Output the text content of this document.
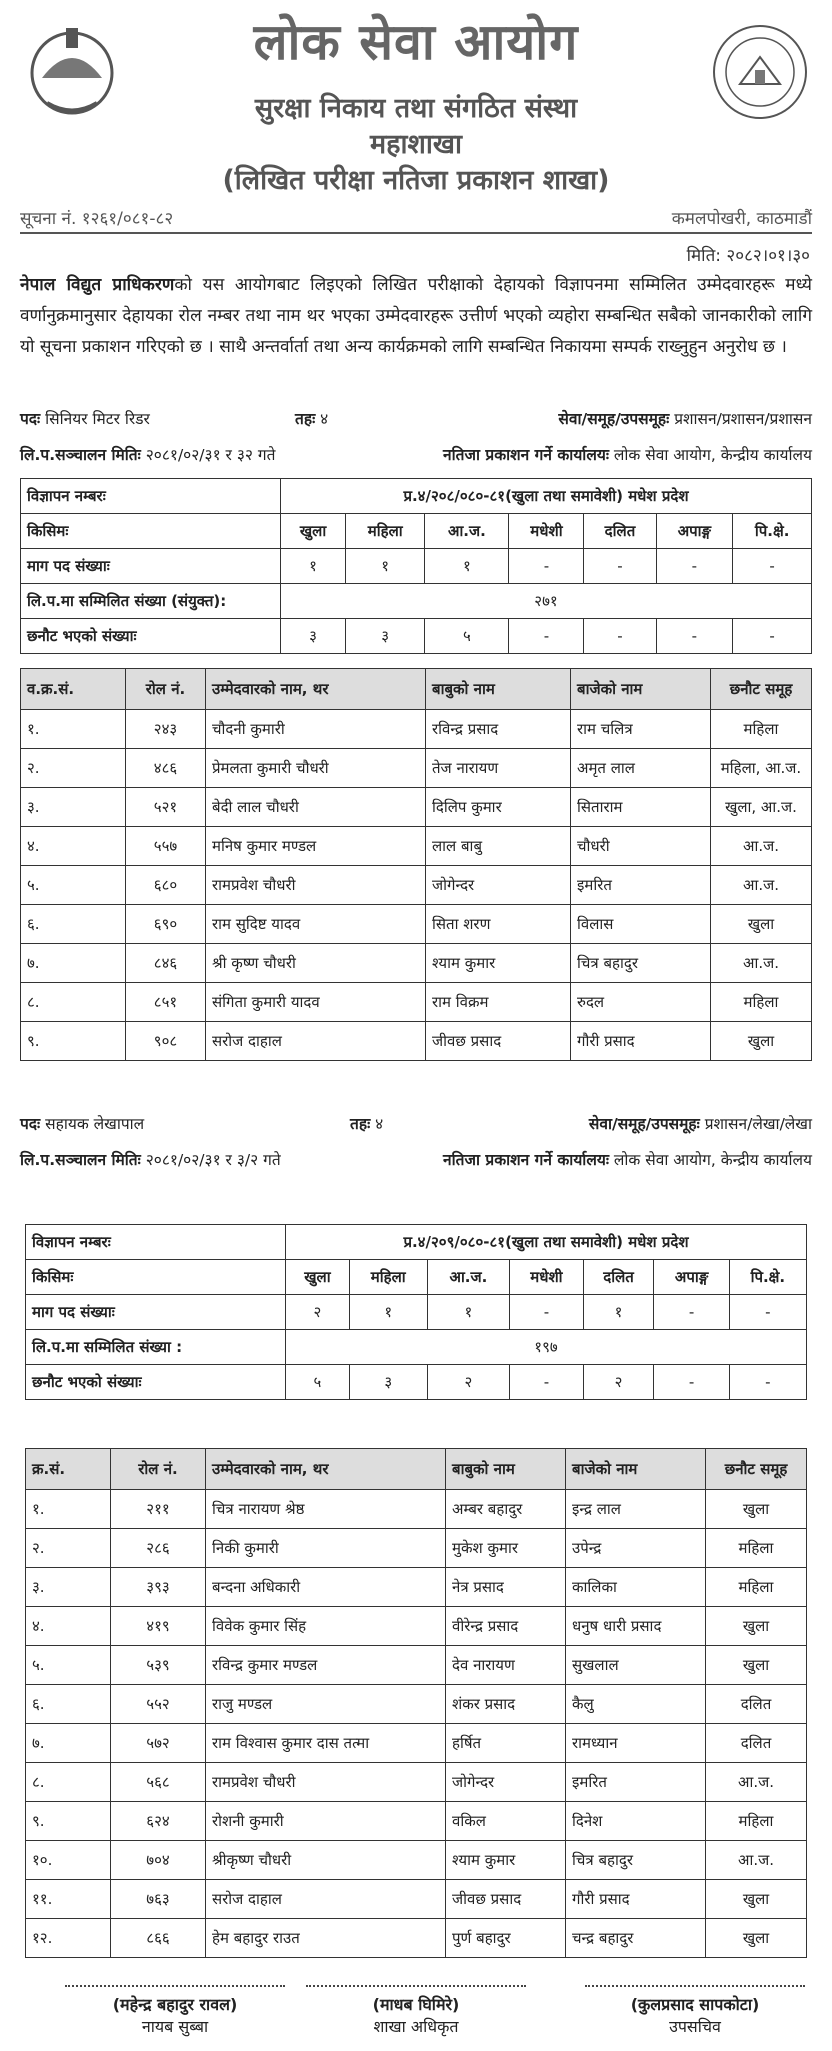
लोक सेवा आयोग
सुरक्षा निकाय तथा संगठित संस्था
महाशाखा
(लिखित परीक्षा नतिजा प्रकाशन शाखा)
सूचना नं. १२६१/०८१-८२	कमलपोखरी, काठमाडौं
मिति: २०८२।०१।३०
नेपाल विद्युत प्राधिकरणको यस आयोगबाट लिइएको लिखित परीक्षाको देहायको विज्ञापनमा सम्मिलित उम्मेदवारहरू मध्ये वर्णानुक्रमानुसार देहायका रोल नम्बर तथा नाम थर भएका उम्मेदवारहरू उत्तीर्ण भएको व्यहोरा सम्बन्धित सबैको जानकारीको लागि यो सूचना प्रकाशन गरिएको छ । साथै अन्तर्वार्ता तथा अन्य कार्यक्रमको लागि सम्बन्धित निकायमा सम्पर्क राख्नुहुन अनुरोध छ ।
पदः सिनियर मिटर रिडर	तहः ४	सेवा/समूह/उपसमूहः प्रशासन/प्रशासन/प्रशासन
लि.प.सञ्चालन मितिः २०८१/०२/३१ र ३२ गते	नतिजा प्रकाशन गर्ने कार्यालयः लोक सेवा आयोग, केन्द्रीय कार्यालय
विज्ञापन नम्बरः	प्र.४/२०८/०८०-८१(खुला तथा समावेशी) मधेश प्रदेश						
किसिमः	खुला	महिला	आ.ज.	मधेशी	दलित	अपाङ्ग	पि.क्षे.
माग पद संख्याः	१	१	१	-	-	-	-
लि.प.मा सम्मिलित संख्या (संयुक्त):	२७१						
छनौट भएको संख्याः	३	३	५	-	-	-	-
व.क्र.सं.	रोल नं.	उम्मेदवारको नाम, थर	बाबुको नाम	बाजेको नाम	छनौट समूह
१.	२४३	चौदनी कुमारी	रविन्द्र प्रसाद	राम चलित्र	महिला
२.	४८६	प्रेमलता कुमारी चौधरी	तेज नारायण	अमृत लाल	महिला, आ.ज.
३.	५२१	बेदी लाल चौधरी	दिलिप कुमार	सिताराम	खुला, आ.ज.
४.	५५७	मनिष कुमार मण्डल	लाल बाबु	चौधरी	आ.ज.
५.	६८०	रामप्रवेश चौधरी	जोगेन्दर	इमरित	आ.ज.
६.	६९०	राम सुदिष्ट यादव	सिता शरण	विलास	खुला
७.	८४६	श्री कृष्ण चौधरी	श्याम कुमार	चित्र बहादुर	आ.ज.
८.	८५१	संगिता कुमारी यादव	राम विक्रम	रुदल	महिला
९.	९०८	सरोज दाहाल	जीवछ प्रसाद	गौरी प्रसाद	खुला
पदः सहायक लेखापाल	तहः ४	सेवा/समूह/उपसमूहः प्रशासन/लेखा/लेखा
लि.प.सञ्चालन मितिः २०८१/०२/३१ र ३/२ गते	नतिजा प्रकाशन गर्ने कार्यालयः लोक सेवा आयोग, केन्द्रीय कार्यालय
विज्ञापन नम्बरः	प्र.४/२०९/०८०-८१(खुला तथा समावेशी) मधेश प्रदेश						
किसिमः	खुला	महिला	आ.ज.	मधेशी	दलित	अपाङ्ग	पि.क्षे.
माग पद संख्याः	२	१	१	-	१	-	-
लि.प.मा सम्मिलित संख्या :	१९७						
छनौट भएको संख्याः	५	३	२	-	२	-	-
क्र.सं.	रोल नं.	उम्मेदवारको नाम, थर	बाबुको नाम	बाजेको नाम	छनौट समूह
१.	२११	चित्र नारायण श्रेष्ठ	अम्बर बहादुर	इन्द्र लाल	खुला
२.	२८६	निकी कुमारी	मुकेश कुमार	उपेन्द्र	महिला
३.	३९३	बन्दना अधिकारी	नेत्र प्रसाद	कालिका	महिला
४.	४१९	विवेक कुमार सिंह	वीरेन्द्र प्रसाद	धनुष धारी प्रसाद	खुला
५.	५३९	रविन्द्र कुमार मण्डल	देव नारायण	सुखलाल	खुला
६.	५५२	राजु मण्डल	शंकर प्रसाद	कैलु	दलित
७.	५७२	राम विश्वास कुमार दास तत्मा	हर्षित	रामध्यान	दलित
८.	५६८	रामप्रवेश चौधरी	जोगेन्दर	इमरित	आ.ज.
९.	६२४	रोशनी कुमारी	वकिल	दिनेश	महिला
१०.	७०४	श्रीकृष्ण चौधरी	श्याम कुमार	चित्र बहादुर	आ.ज.
११.	७६३	सरोज दाहाल	जीवछ प्रसाद	गौरी प्रसाद	खुला
१२.	८६६	हेम बहादुर राउत	पुर्ण बहादुर	चन्द्र बहादुर	खुला
(महेन्द्र बहादुर रावल)
नायब सुब्बा
(माधब घिमिरे)
शाखा अधिकृत
(कुलप्रसाद सापकोटा)
उपसचिव
